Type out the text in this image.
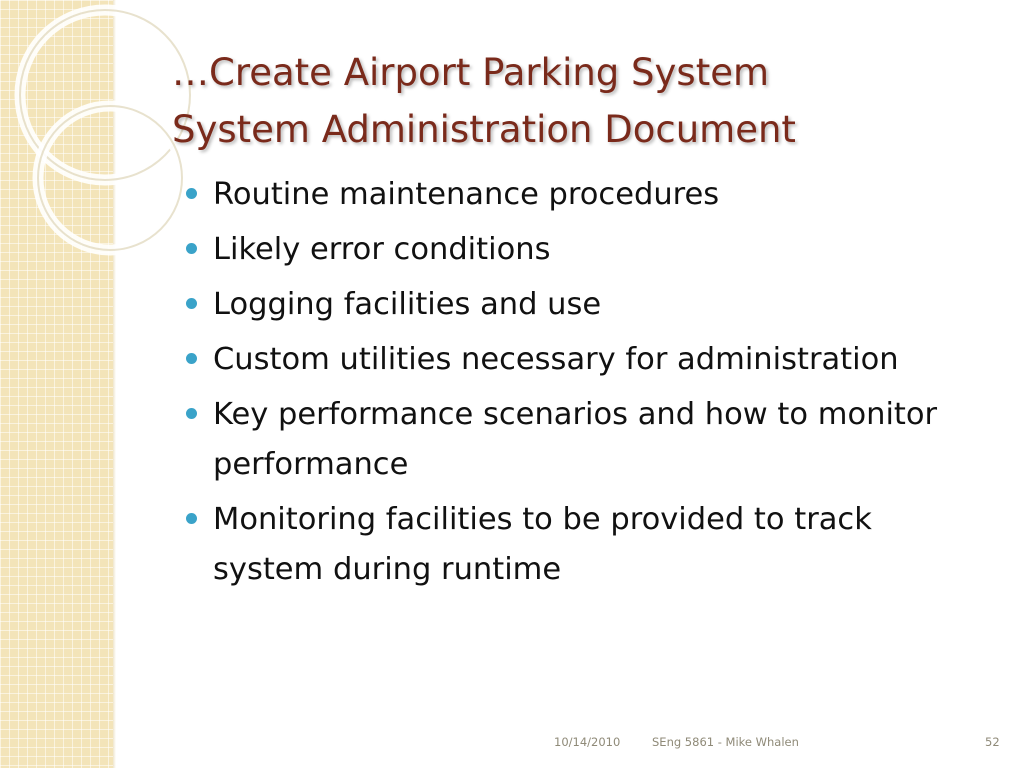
…Create Airport Parking System
System Administration Document
Routine maintenance procedures
Likely error conditions
Logging facilities and use
Custom utilities necessary for administration
Key performance scenarios and how to monitor performance
Monitoring facilities to be provided to track system during runtime
10/14/2010	SEng 5861 - Mike Whalen	52
